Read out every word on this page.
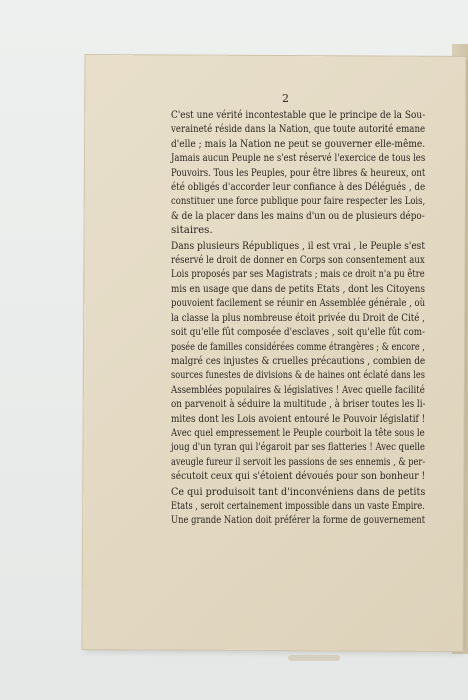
2

C'est une vérité incontestable que le principe de la Sou-
veraineté réside dans la Nation, que toute autorité emane
d'elle ; mais la Nation ne peut se gouverner elle-même.
Jamais aucun Peuple ne s'est réservé l'exercice de tous les
Pouvoirs. Tous les Peuples, pour être libres & heureux, ont
été obligés d'accorder leur confiance à des Délégués , de
constituer une force publique pour faire respecter les Lois,
& de la placer dans les mains d'un ou de plusieurs dépo-
sitaires.

Dans plusieurs Républiques , il est vrai , le Peuple s'est
réservé le droit de donner en Corps son consentement aux
Lois proposés par ses Magistrats ; mais ce droit n'a pu être
mis en usage que dans de petits Etats , dont les Citoyens
pouvoient facilement se réunir en Assemblée générale , où
la classe la plus nombreuse étoit privée du Droit de Cité ,
soit qu'elle fût composée d'esclaves , soit qu'elle fût com-
posée de familles considérées comme étrangères ; & encore ,
malgré ces injustes & cruelles précautions , combien de
sources funestes de divisions & de haines ont éclaté dans les
Assemblées populaires & législatives ! Avec quelle facilité
on parvenoit à séduire la multitude , à briser toutes les li-
mites dont les Lois avoient entouré le Pouvoir législatif !
Avec quel empressement le Peuple courboit la tête sous le
joug d'un tyran qui l'égaroit par ses flatteries ! Avec quelle
aveugle fureur il servoit les passions de ses ennemis , & per-
sécutoit ceux qui s'étoient dévoués pour son bonheur !

Ce qui produisoit tant d'inconvéniens dans de petits
Etats , seroit certainement impossible dans un vaste Empire.
Une grande Nation doit préférer la forme de gouvernement
